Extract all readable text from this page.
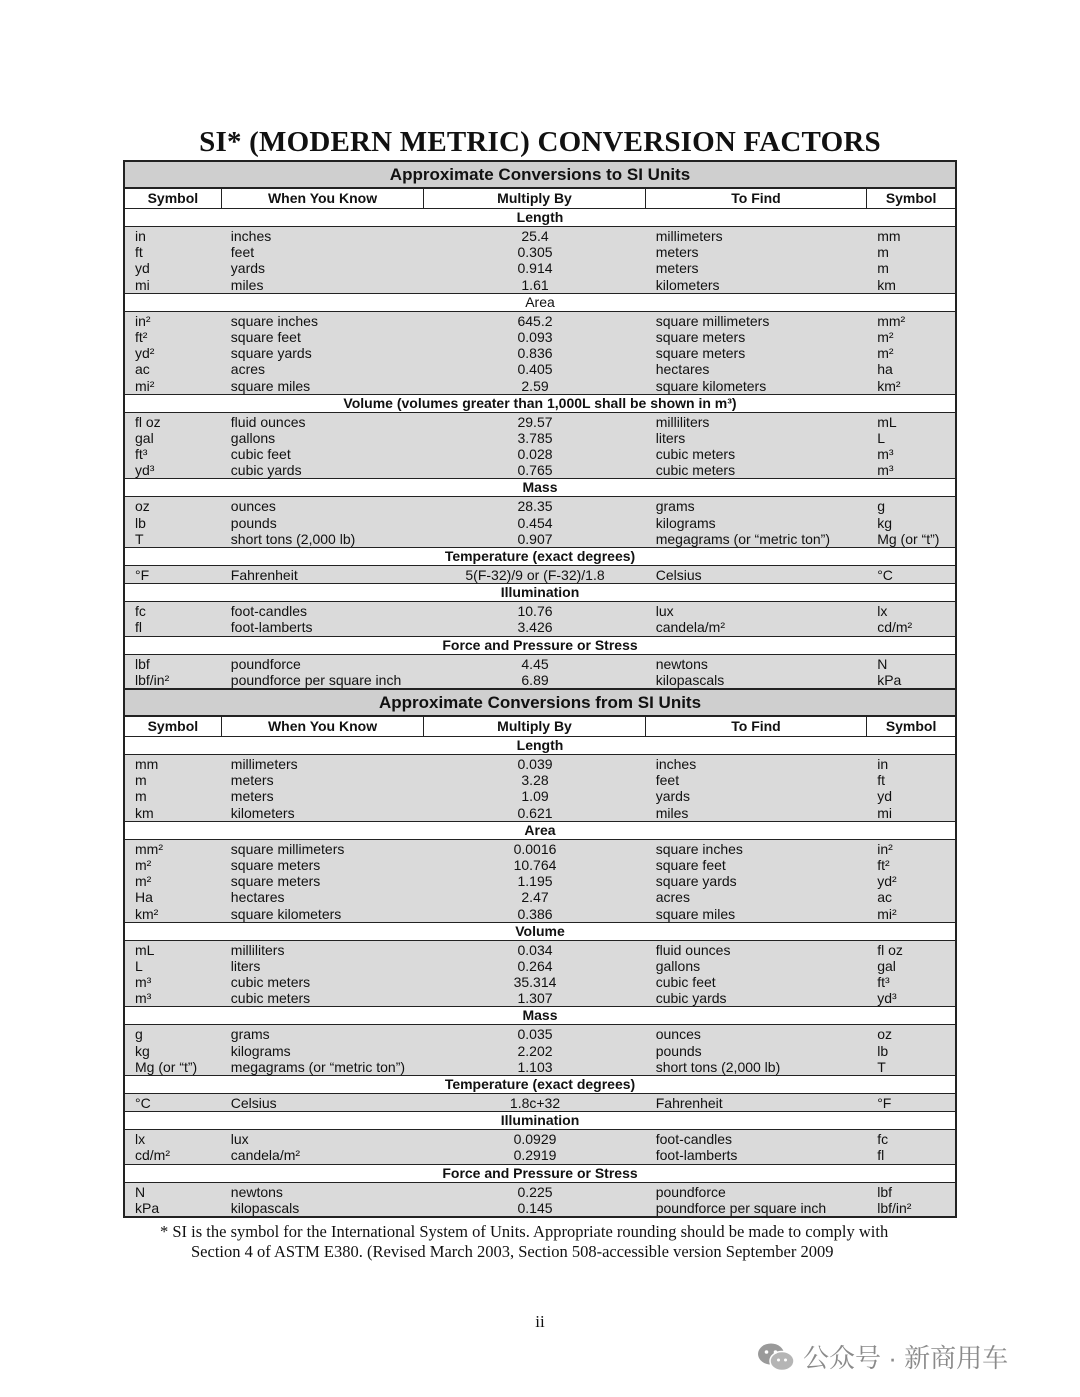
SI* (MODERN METRIC) CONVERSION FACTORS
Approximate Conversions to SI Units
Symbol	When You Know	Multiply By	To Find	Symbol
Length
in	inches	25.4	millimeters	mm
ft	feet	0.305	meters	m
yd	yards	0.914	meters	m
mi	miles	1.61	kilometers	km
Area
in²	square inches	645.2	square millimeters	mm²
ft²	square feet	0.093	square meters	m²
yd²	square yards	0.836	square meters	m²
ac	acres	0.405	hectares	ha
mi²	square miles	2.59	square kilometers	km²
Volume (volumes greater than 1,000L shall be shown in m³)
fl oz	fluid ounces	29.57	milliliters	mL
gal	gallons	3.785	liters	L
ft³	cubic feet	0.028	cubic meters	m³
yd³	cubic yards	0.765	cubic meters	m³
Mass
oz	ounces	28.35	grams	g
lb	pounds	0.454	kilograms	kg
T	short tons (2,000 lb)	0.907	megagrams (or “metric ton”)	Mg (or “t”)
Temperature (exact degrees)
°F	Fahrenheit	5(F-32)/9 or (F-32)/1.8	Celsius	°C
Illumination
fc	foot-candles	10.76	lux	lx
fl	foot-lamberts	3.426	candela/m²	cd/m²
Force and Pressure or Stress
lbf	poundforce	4.45	newtons	N
lbf/in²	poundforce per square inch	6.89	kilopascals	kPa
Approximate Conversions from SI Units
Symbol	When You Know	Multiply By	To Find	Symbol
Length
mm	millimeters	0.039	inches	in
m	meters	3.28	feet	ft
m	meters	1.09	yards	yd
km	kilometers	0.621	miles	mi
Area
mm²	square millimeters	0.0016	square inches	in²
m²	square meters	10.764	square feet	ft²
m²	square meters	1.195	square yards	yd²
Ha	hectares	2.47	acres	ac
km²	square kilometers	0.386	square miles	mi²
Volume
mL	milliliters	0.034	fluid ounces	fl oz
L	liters	0.264	gallons	gal
m³	cubic meters	35.314	cubic feet	ft³
m³	cubic meters	1.307	cubic yards	yd³
Mass
g	grams	0.035	ounces	oz
kg	kilograms	2.202	pounds	lb
Mg (or “t”)	megagrams (or “metric ton”)	1.103	short tons (2,000 lb)	T
Temperature (exact degrees)
°C	Celsius	1.8c+32	Fahrenheit	°F
Illumination
lx	lux	0.0929	foot-candles	fc
cd/m²	candela/m²	0.2919	foot-lamberts	fl
Force and Pressure or Stress
N	newtons	0.225	poundforce	lbf
kPa	kilopascals	0.145	poundforce per square inch	lbf/in²
* SI is the symbol for the International System of Units. Appropriate rounding should be made to comply with
Section 4 of ASTM E380. (Revised March 2003, Section 508-accessible version September 2009
ii
公众号 · 新商用车
